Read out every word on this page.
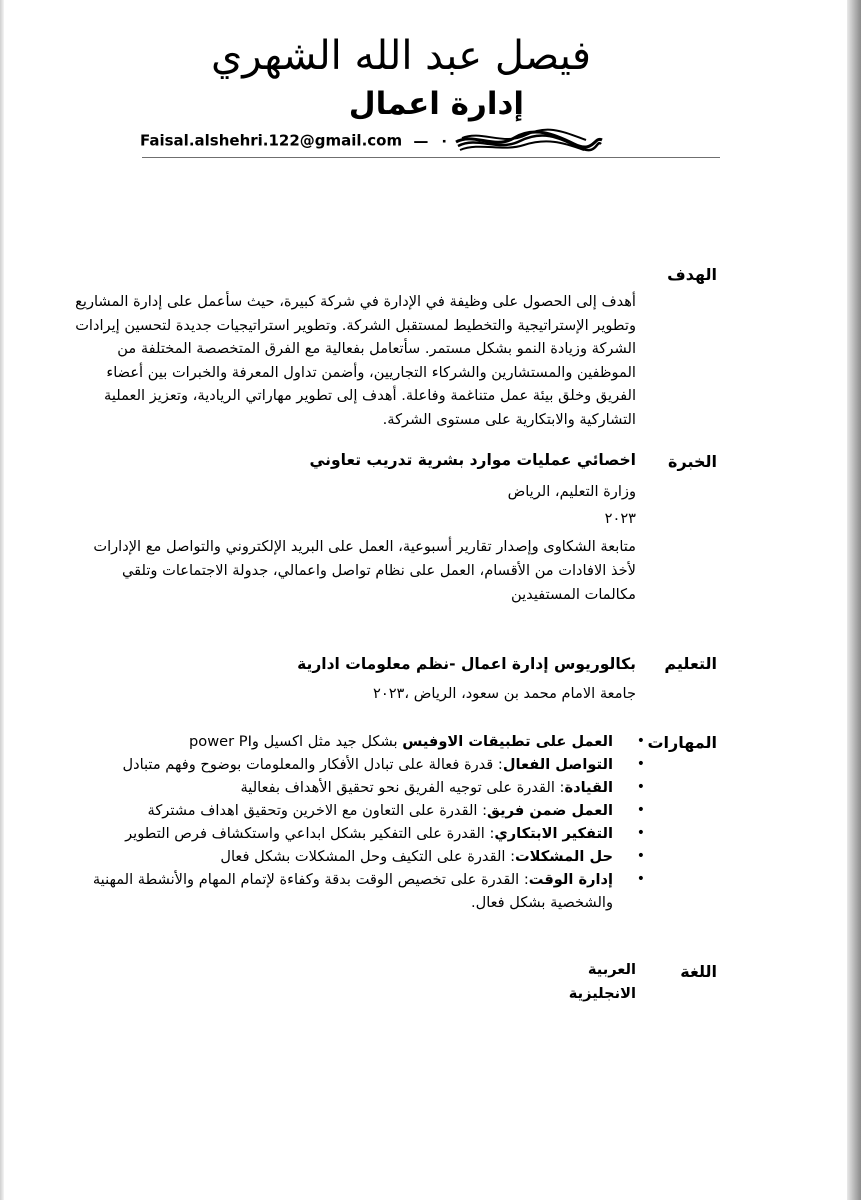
فيصل عبد الله الشهري
إدارة اعمال
Faisal.alshehri.122@gmail.com — ٠
الهدف
أهدف إلى الحصول على وظيفة في الإدارة في شركة كبيرة، حيث سأعمل على إدارة المشاريع وتطوير الإستراتيجية والتخطيط لمستقبل الشركة. وتطوير استراتيجيات جديدة لتحسين إيرادات الشركة وزيادة النمو بشكل مستمر. سأتعامل بفعالية مع الفرق المتخصصة المختلفة من الموظفين والمستشارين والشركاء التجاريين، وأضمن تداول المعرفة والخبرات بين أعضاء الفريق وخلق بيئة عمل متناغمة وفاعلة. أهدف إلى تطوير مهاراتي الريادية، وتعزيز العملية التشاركية والابتكارية على مستوى الشركة.
الخبرة
اخصائي عمليات موارد بشرية تدريب تعاوني
وزارة التعليم، الرياض
٢٠٢٣
متابعة الشكاوى وإصدار تقارير أسبوعية، العمل على البريد الإلكتروني والتواصل مع الإدارات لأخذ الافادات من الأقسام، العمل على نظام تواصل واعمالي، جدولة الاجتماعات وتلقي مكالمات المستفيدين
التعليم
بكالوريوس إدارة اعمال -نظم معلومات ادارية
جامعة الامام محمد بن سعود، الرياض ،٢٠٢٣
المهارات
• العمل على تطبيقات الاوفيس بشكل جيد مثل اكسيل وpower PI
• التواصل الفعال: قدرة فعالة على تبادل الأفكار والمعلومات بوضوح وفهم متبادل
• القيادة: القدرة على توجيه الفريق نحو تحقيق الأهداف بفعالية
• العمل ضمن فريق: القدرة على التعاون مع الاخرين وتحقيق اهداف مشتركة
• التفكير الابتكاري: القدرة على التفكير بشكل ابداعي واستكشاف فرص التطوير
• حل المشكلات: القدرة على التكيف وحل المشكلات بشكل فعال
• إدارة الوقت: القدرة على تخصيص الوقت بدقة وكفاءة لإتمام المهام والأنشطة المهنية والشخصية بشكل فعال.
اللغة
العربية
الانجليزية
